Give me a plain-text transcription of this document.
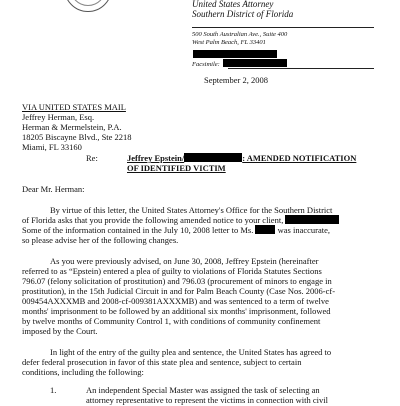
United States Attorney
Southern District of Florida
500 South Australian Ave., Suite 400
West Palm Beach, FL 33401
Facsimile:
September 2, 2008
VIA UNITED STATES MAIL
Jeffrey Herman, Esq.
Herman & Mermelstein, P.A.
18205 Biscayne Blvd., Ste 2218
Miami, FL 33160
Re:	Jeffrey Epstein/	: AMENDED NOTIFICATION
OF IDENTIFIED VICTIM
Dear Mr. Herman:
By virtue of this letter, the United States Attorney's Office for the Southern District
of Florida asks that you provide the following amended notice to your client,
Some of the information contained in the July 10, 2008 letter to Ms.	was inaccurate,
so please advise her of the following changes.
As you were previously advised, on June 30, 2008, Jeffrey Epstein (hereinafter
referred to as “Epstein) entered a plea of guilty to violations of Florida Statutes Sections
796.07 (felony solicitation of prostitution) and 796.03 (procurement of minors to engage in
prostitution), in the 15th Judicial Circuit in and for Palm Beach County (Case Nos. 2006-cf-
009454AXXXMB and 2008-cf-009381AXXXMB) and was sentenced to a term of twelve
months' imprisonment to be followed by an additional six months' imprisonment, followed
by twelve months of Community Control 1, with conditions of community confinement
imposed by the Court.
In light of the entry of the guilty plea and sentence, the United States has agreed to
defer federal prosecution in favor of this state plea and sentence, subject to certain
conditions, including the following:
1.	An independent Special Master was assigned the task of selecting an
attorney representative to represent the victims in connection with civil
